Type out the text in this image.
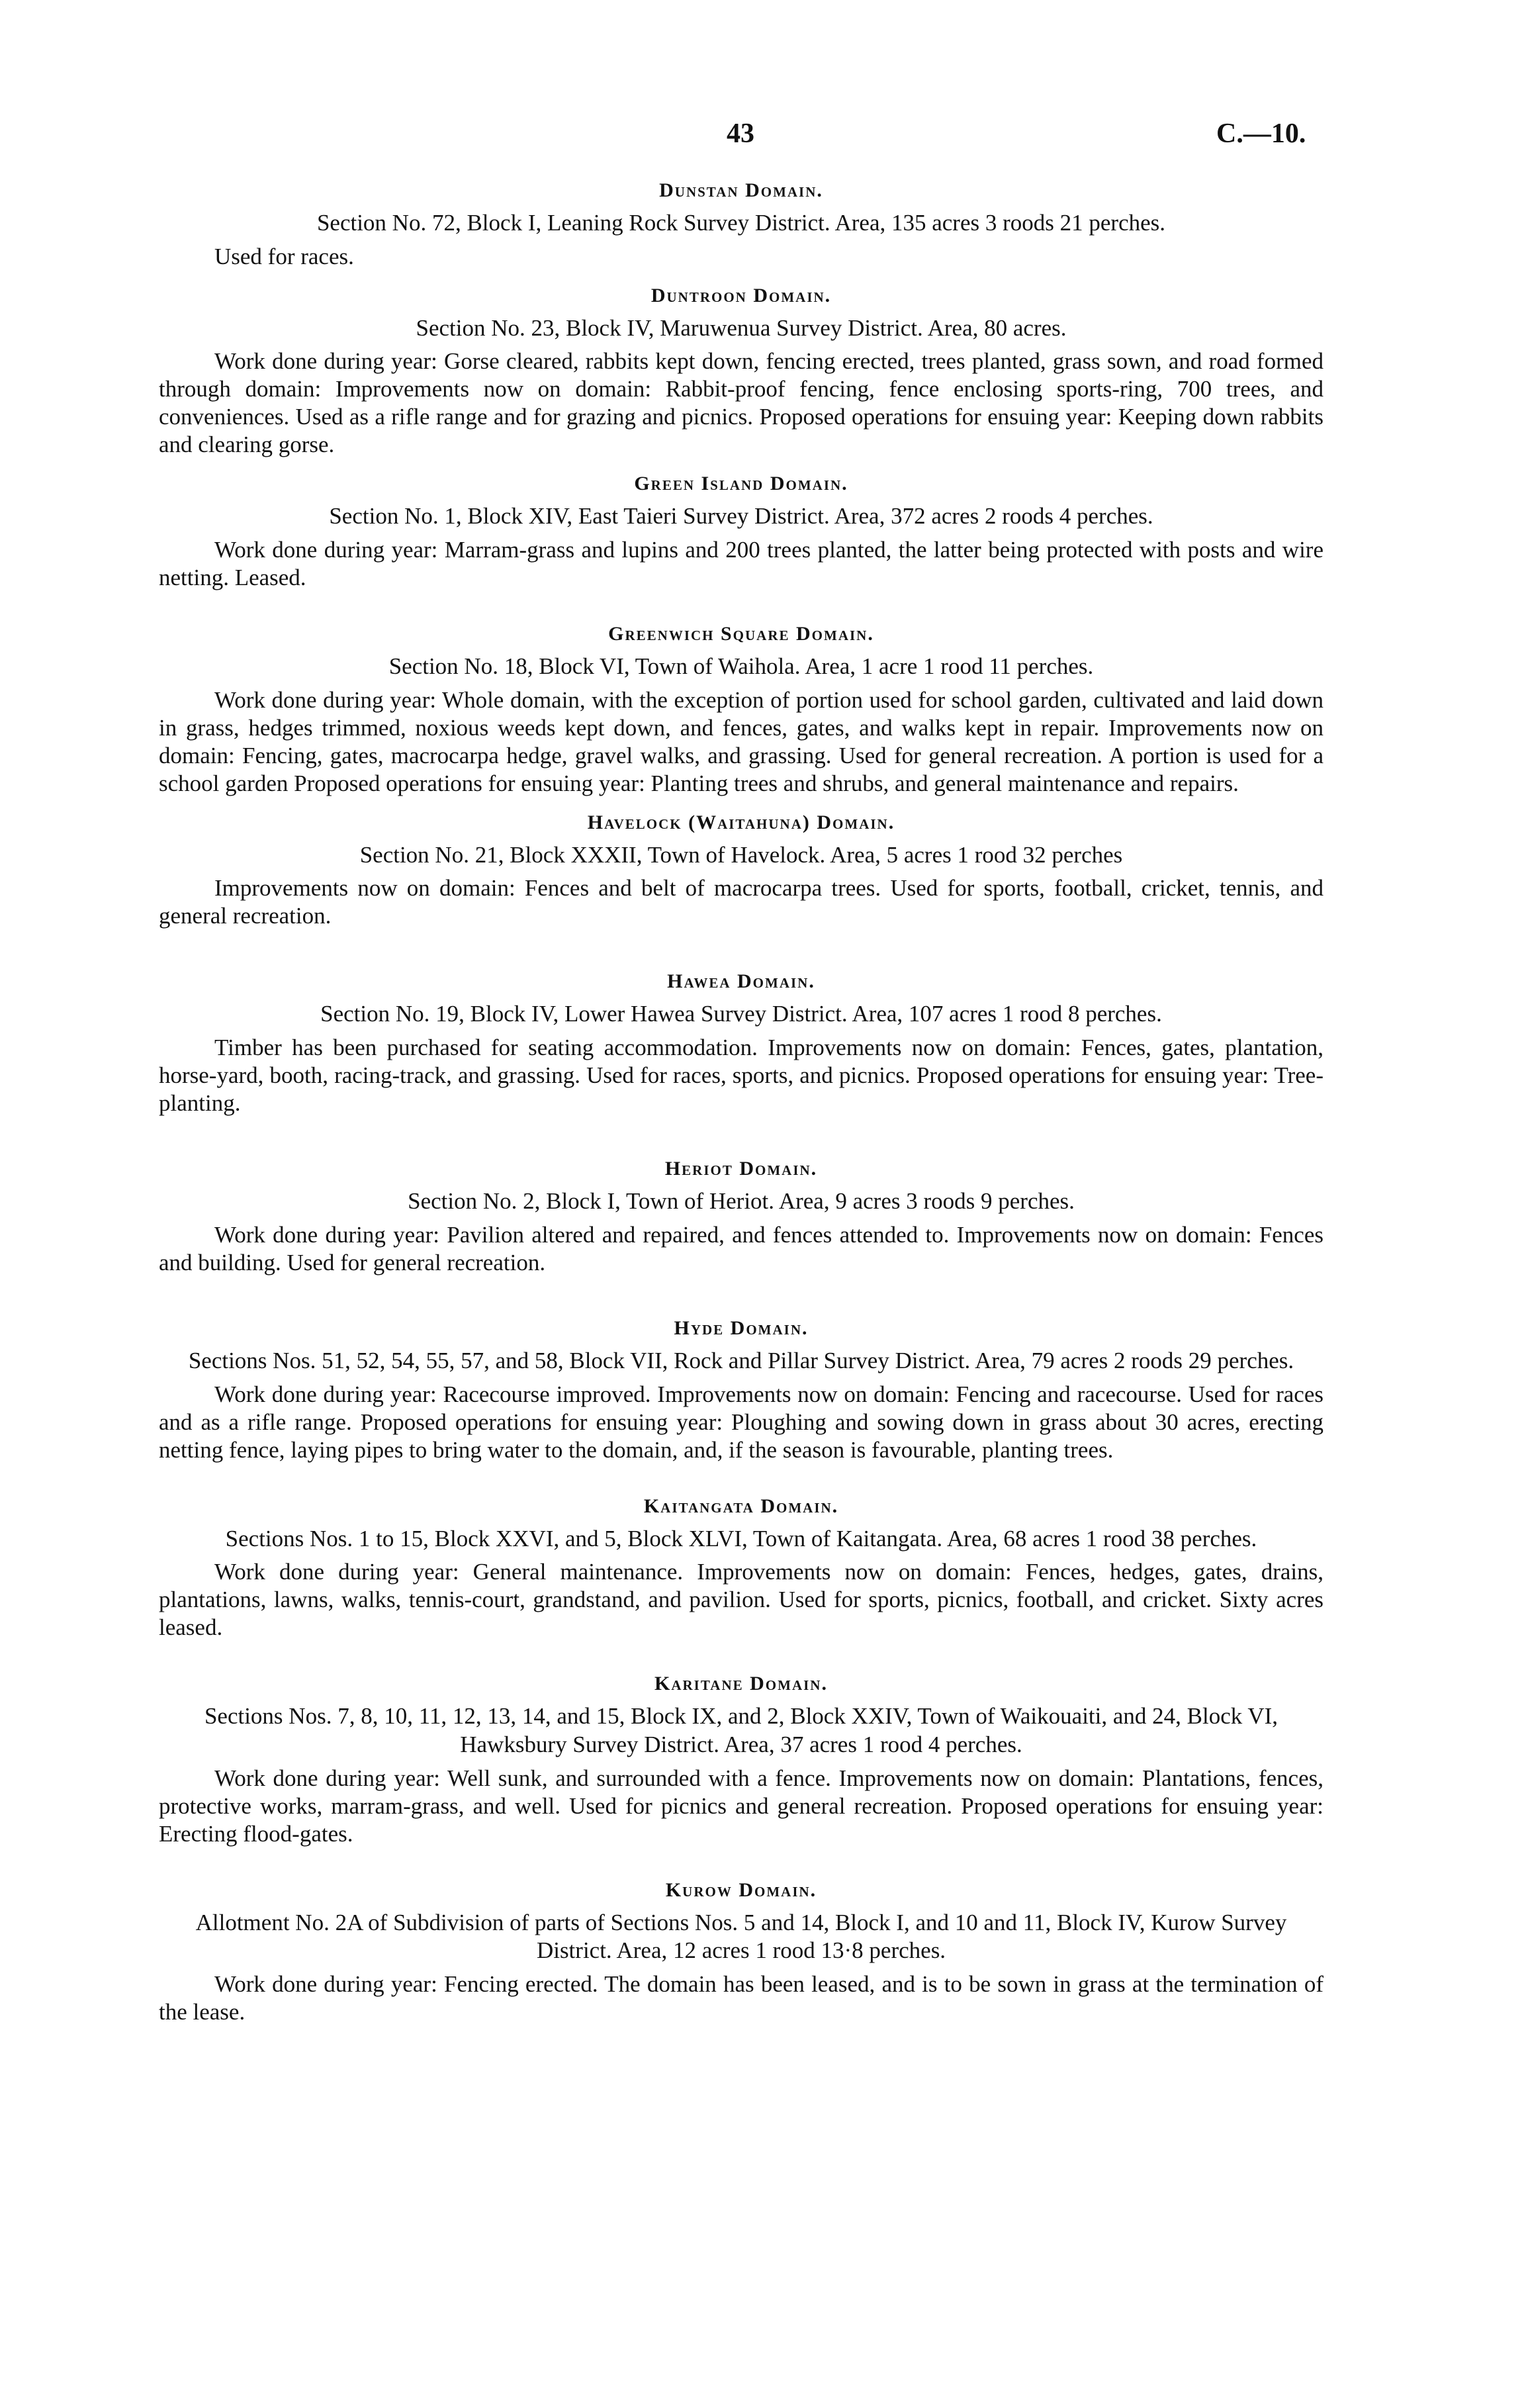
43	C.—10.
Dunstan Domain.
Section No. 72, Block I, Leaning Rock Survey District. Area, 135 acres 3 roods 21 perches.

Used for races.

Duntroon Domain.
Section No. 23, Block IV, Maruwenua Survey District. Area, 80 acres.

Work done during year: Gorse cleared, rabbits kept down, fencing erected, trees planted, grass sown, and road formed through domain: Improvements now on domain: Rabbit-proof fencing, fence enclosing sports-ring, 700 trees, and conveniences. Used as a rifle range and for grazing and picnics. Proposed operations for ensuing year: Keeping down rabbits and clearing gorse.

Green Island Domain.
Section No. 1, Block XIV, East Taieri Survey District. Area, 372 acres 2 roods 4 perches.

Work done during year: Marram-grass and lupins and 200 trees planted, the latter being protected with posts and wire netting. Leased.

Greenwich Square Domain.
Section No. 18, Block VI, Town of Waihola. Area, 1 acre 1 rood 11 perches.

Work done during year: Whole domain, with the exception of portion used for school garden, cultivated and laid down in grass, hedges trimmed, noxious weeds kept down, and fences, gates, and walks kept in repair. Improvements now on domain: Fencing, gates, macrocarpa hedge, gravel walks, and grassing. Used for general recreation. A portion is used for a school garden Proposed operations for ensuing year: Planting trees and shrubs, and general maintenance and repairs.

Havelock (Waitahuna) Domain.
Section No. 21, Block XXXII, Town of Havelock. Area, 5 acres 1 rood 32 perches

Improvements now on domain: Fences and belt of macrocarpa trees. Used for sports, football, cricket, tennis, and general recreation.

Hawea Domain.
Section No. 19, Block IV, Lower Hawea Survey District. Area, 107 acres 1 rood 8 perches.

Timber has been purchased for seating accommodation. Improvements now on domain: Fences, gates, plantation, horse-yard, booth, racing-track, and grassing. Used for races, sports, and picnics. Proposed operations for ensuing year: Tree-planting.

Heriot Domain.
Section No. 2, Block I, Town of Heriot. Area, 9 acres 3 roods 9 perches.

Work done during year: Pavilion altered and repaired, and fences attended to. Improvements now on domain: Fences and building. Used for general recreation.

Hyde Domain.
Sections Nos. 51, 52, 54, 55, 57, and 58, Block VII, Rock and Pillar Survey District. Area, 79 acres 2 roods 29 perches.

Work done during year: Racecourse improved. Improvements now on domain: Fencing and racecourse. Used for races and as a rifle range. Proposed operations for ensuing year: Ploughing and sowing down in grass about 30 acres, erecting netting fence, laying pipes to bring water to the domain, and, if the season is favourable, planting trees.

Kaitangata Domain.
Sections Nos. 1 to 15, Block XXVI, and 5, Block XLVI, Town of Kaitangata. Area, 68 acres 1 rood 38 perches.

Work done during year: General maintenance. Improvements now on domain: Fences, hedges, gates, drains, plantations, lawns, walks, tennis-court, grandstand, and pavilion. Used for sports, picnics, football, and cricket. Sixty acres leased.

Karitane Domain.
Sections Nos. 7, 8, 10, 11, 12, 13, 14, and 15, Block IX, and 2, Block XXIV, Town of Waikouaiti, and 24, Block VI, Hawksbury Survey District. Area, 37 acres 1 rood 4 perches.

Work done during year: Well sunk, and surrounded with a fence. Improvements now on domain: Plantations, fences, protective works, marram-grass, and well. Used for picnics and general recreation. Proposed operations for ensuing year: Erecting flood-gates.

Kurow Domain.
Allotment No. 2A of Subdivision of parts of Sections Nos. 5 and 14, Block I, and 10 and 11, Block IV, Kurow Survey District. Area, 12 acres 1 rood 13·8 perches.

Work done during year: Fencing erected. The domain has been leased, and is to be sown in grass at the termination of the lease.
